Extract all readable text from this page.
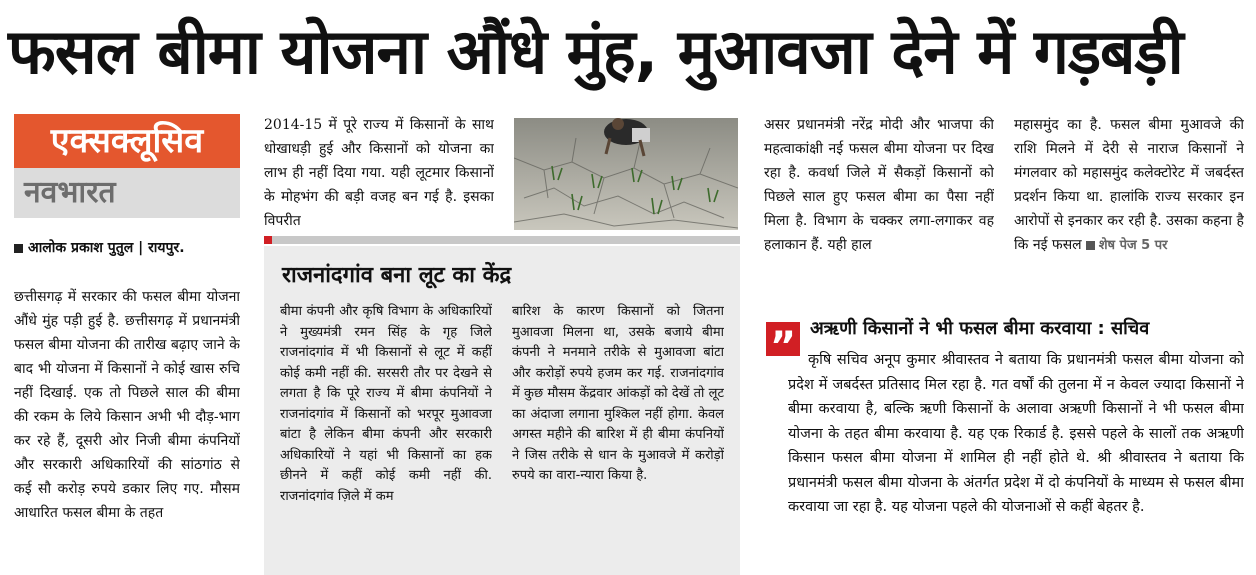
फसल बीमा योजना औंधे मुंह, मुआवजा देने में गड़बड़ी
एक्सक्लूसिव
नवभारत
आलोक प्रकाश पुतुल | रायपुर.
छत्तीसगढ़ में सरकार की फसल बीमा योजना औंधे मुंह पड़ी हुई है. छत्तीसगढ़ में प्रधानमंत्री फसल बीमा योजना की तारीख बढ़ाए जाने के बाद भी योजना में किसानों ने कोई खास रुचि नहीं दिखाई. एक तो पिछले साल की बीमा की रकम के लिये किसान अभी भी दौड़-भाग कर रहे हैं, दूसरी ओर निजी बीमा कंपनियों और सरकारी अधिकारियों की सांठगांठ से कई सौ करोड़ रुपये डकार लिए गए. मौसम आधारित फसल बीमा के तहत
2014-15 में पूरे राज्य में किसानों के साथ धोखाधड़ी हुई और किसानों को योजना का लाभ ही नहीं दिया गया. यही लूटमार किसानों के मोहभंग की बड़ी वजह बन गई है. इसका विपरीत
राजनांदगांव बना लूट का केंद्र
बीमा कंपनी और कृषि विभाग के अधिकारियों ने मुख्यमंत्री रमन सिंह के गृह जिले राजनांदगांव में भी किसानों से लूट में कहीं कोई कमी नहीं की. सरसरी तौर पर देखने से लगता है कि पूरे राज्य में बीमा कंपनियों ने राजनांदगांव में किसानों को भरपूर मुआवजा बांटा है लेकिन बीमा कंपनी और सरकारी अधिकारियों ने यहां भी किसानों का हक छीनने में कहीं कोई कमी नहीं की. राजनांदगांव ज़िले में कम
बारिश के कारण किसानों को जितना मुआवजा मिलना था, उसके बजाये बीमा कंपनी ने मनमाने तरीके से मुआवजा बांटा और करोड़ों रुपये हजम कर गई. राजनांदगांव में कुछ मौसम केंद्रवार आंकड़ों को देखें तो लूट का अंदाजा लगाना मुश्किल नहीं होगा. केवल अगस्त महीने की बारिश में ही बीमा कंपनियों ने जिस तरीके से धान के मुआवजे में करोड़ों रुपये का वारा-न्यारा किया है.
असर प्रधानमंत्री नरेंद्र मोदी और भाजपा की महत्वाकांक्षी नई फसल बीमा योजना पर दिख रहा है. कवर्धा जिले में सैकड़ों किसानों को पिछले साल हुए फसल बीमा का पैसा नहीं मिला है. विभाग के चक्कर लगा-लगाकर वह हलाकान हैं. यही हाल
महासमुंद का है. फसल बीमा मुआवजे की राशि मिलने में देरी से नाराज किसानों ने मंगलवार को महासमुंद कलेक्टोरेट में जबर्दस्त प्रदर्शन किया था. हालांकि राज्य सरकार इन आरोपों से इनकार कर रही है. उसका कहना है कि नई फसल शेष पेज 5 पर
” अऋणी किसानों ने भी फसल बीमा करवाया : सचिव
कृषि सचिव अनूप कुमार श्रीवास्तव ने बताया कि प्रधानमंत्री फसल बीमा योजना को प्रदेश में जबर्दस्त प्रतिसाद मिल रहा है. गत वर्षों की तुलना में न केवल ज्यादा किसानों ने बीमा करवाया है, बल्कि ऋणी किसानों के अलावा अऋणी किसानों ने भी फसल बीमा योजना के तहत बीमा करवाया है. यह एक रिकार्ड है. इससे पहले के सालों तक अऋणी किसान फसल बीमा योजना में शामिल ही नहीं होते थे. श्री श्रीवास्तव ने बताया कि प्रधानमंत्री फसल बीमा योजना के अंतर्गत प्रदेश में दो कंपनियों के माध्यम से फसल बीमा करवाया जा रहा है. यह योजना पहले की योजनाओं से कहीं बेहतर है.
